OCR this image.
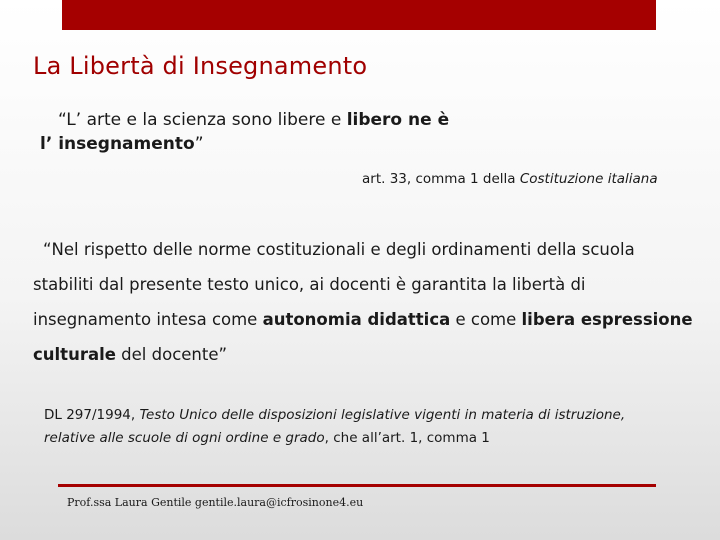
La Libertà di Insegnamento
“L’ arte e la scienza sono libere e libero ne è
l’ insegnamento”
art. 33, comma 1 della Costituzione italiana
“Nel rispetto delle norme costituzionali e degli ordinamenti della scuola
stabiliti dal presente testo unico, ai docenti è garantita la libertà di
insegnamento intesa come autonomia didattica e come libera espressione
culturale del docente”
DL 297/1994, Testo Unico delle disposizioni legislative vigenti in materia di istruzione,
relative alle scuole di ogni ordine e grado, che all’art. 1, comma 1
Prof.ssa Laura Gentile gentile.laura@icfrosinone4.eu
